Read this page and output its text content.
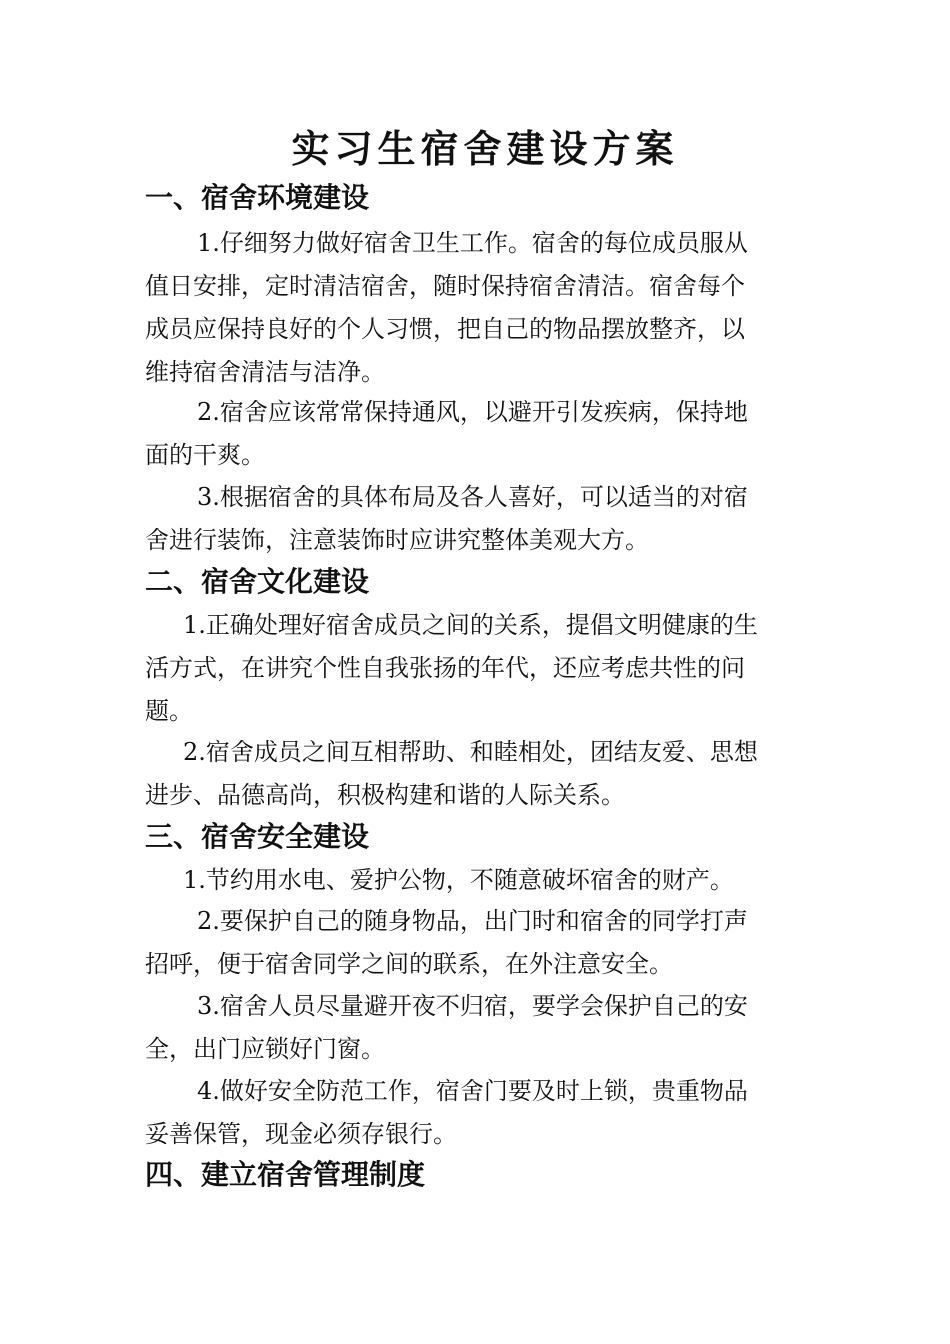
实习生宿舍建设方案
一、宿舍环境建设
1.仔细努力做好宿舍卫生工作。宿舍的每位成员服从
值日安排，定时清洁宿舍，随时保持宿舍清洁。宿舍每个
成员应保持良好的个人习惯，把自己的物品摆放整齐，以
维持宿舍清洁与洁净。
2.宿舍应该常常保持通风，以避开引发疾病，保持地
面的干爽。
3.根据宿舍的具体布局及各人喜好，可以适当的对宿
舍进行装饰，注意装饰时应讲究整体美观大方。
二、宿舍文化建设
1.正确处理好宿舍成员之间的关系，提倡文明健康的生
活方式，在讲究个性自我张扬的年代，还应考虑共性的问
题。
2.宿舍成员之间互相帮助、和睦相处，团结友爱、思想
进步、品德高尚，积极构建和谐的人际关系。
三、宿舍安全建设
1.节约用水电、爱护公物，不随意破坏宿舍的财产。
2.要保护自己的随身物品，出门时和宿舍的同学打声
招呼，便于宿舍同学之间的联系，在外注意安全。
3.宿舍人员尽量避开夜不归宿，要学会保护自己的安
全，出门应锁好门窗。
4.做好安全防范工作，宿舍门要及时上锁，贵重物品
妥善保管，现金必须存银行。
四、建立宿舍管理制度
